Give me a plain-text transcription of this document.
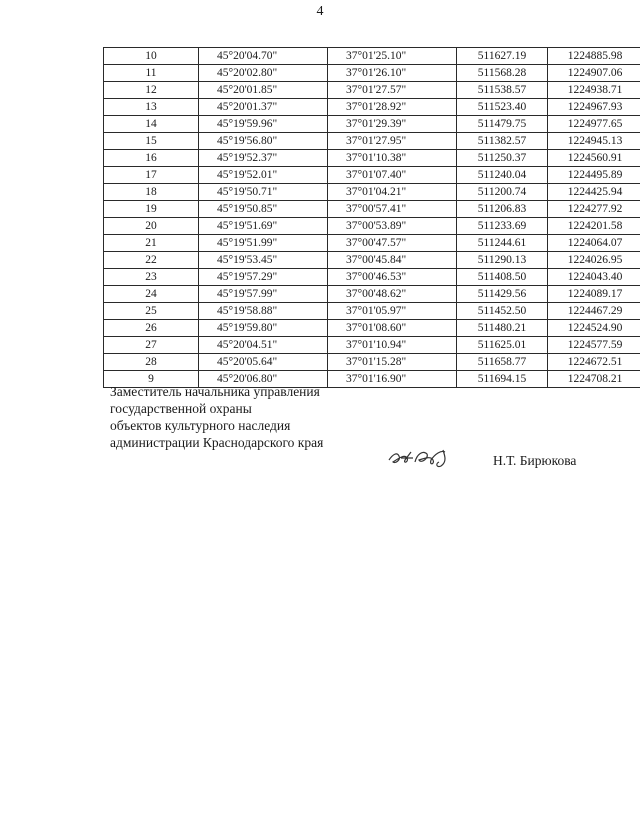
4
10	45°20'04.70"	37°01'25.10"	511627.19	1224885.98
11	45°20'02.80"	37°01'26.10"	511568.28	1224907.06
12	45°20'01.85"	37°01'27.57"	511538.57	1224938.71
13	45°20'01.37"	37°01'28.92"	511523.40	1224967.93
14	45°19'59.96"	37°01'29.39"	511479.75	1224977.65
15	45°19'56.80"	37°01'27.95"	511382.57	1224945.13
16	45°19'52.37"	37°01'10.38"	511250.37	1224560.91
17	45°19'52.01"	37°01'07.40"	511240.04	1224495.89
18	45°19'50.71"	37°01'04.21"	511200.74	1224425.94
19	45°19'50.85"	37°00'57.41"	511206.83	1224277.92
20	45°19'51.69"	37°00'53.89"	511233.69	1224201.58
21	45°19'51.99"	37°00'47.57"	511244.61	1224064.07
22	45°19'53.45"	37°00'45.84"	511290.13	1224026.95
23	45°19'57.29"	37°00'46.53"	511408.50	1224043.40
24	45°19'57.99"	37°00'48.62"	511429.56	1224089.17
25	45°19'58.88"	37°01'05.97"	511452.50	1224467.29
26	45°19'59.80"	37°01'08.60"	511480.21	1224524.90
27	45°20'04.51"	37°01'10.94"	511625.01	1224577.59
28	45°20'05.64"	37°01'15.28"	511658.77	1224672.51
9	45°20'06.80"	37°01'16.90"	511694.15	1224708.21
Заместитель начальника управления
государственной охраны
объектов культурного наследия
администрации Краснодарского края
Н.Т. Бирюкова
